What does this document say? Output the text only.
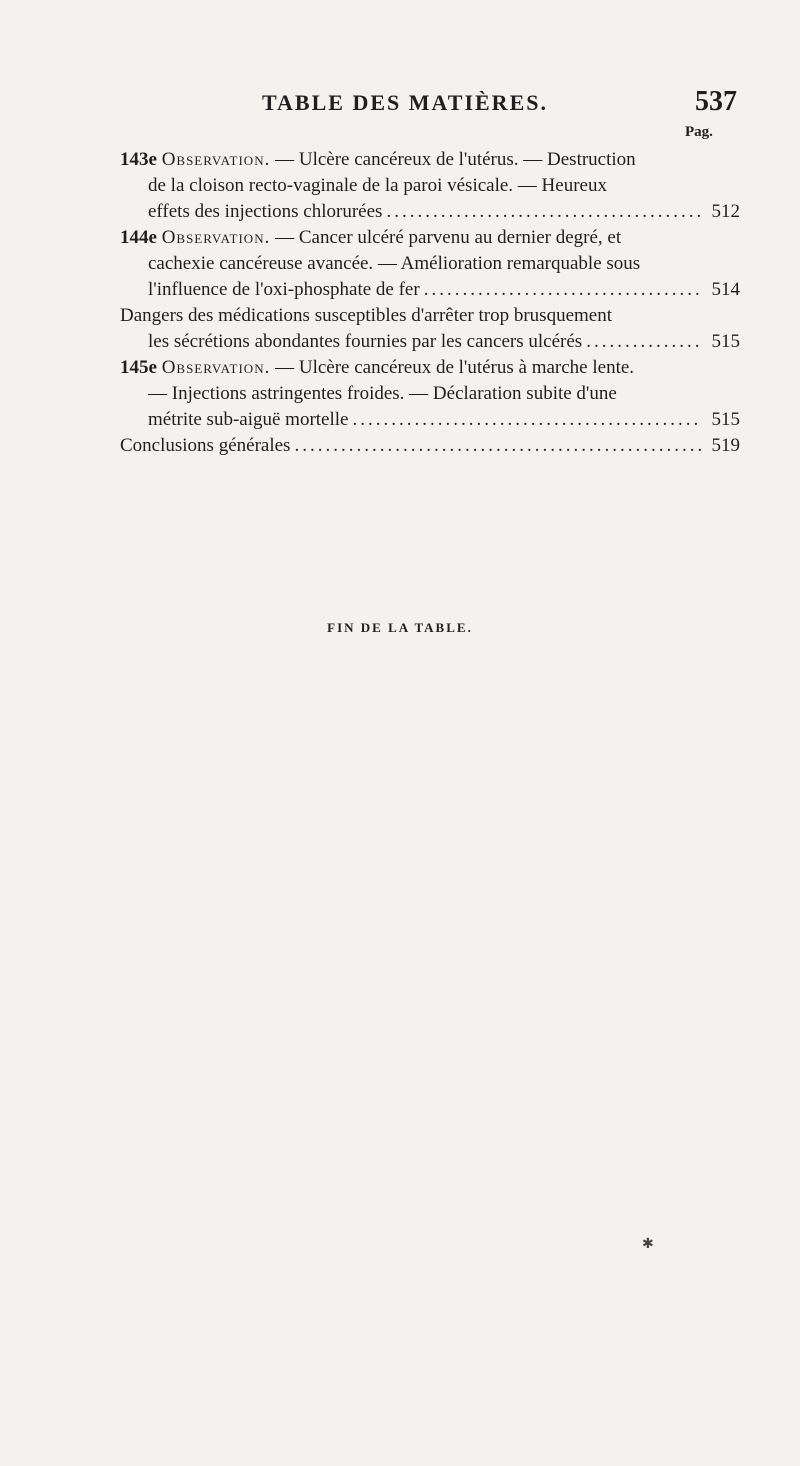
TABLE DES MATIÈRES.	537
Pag.
143e
Observation.
— Ulcère cancéreux de l'utérus. — Destruction
de la cloison recto-vaginale de la paroi vésicale. — Heureux
effets des injections chlorurées .....	512
144e
Observation.
— Cancer ulcéré parvenu au dernier degré, et
cachexie cancéreuse avancée. — Amélioration remarquable sous
l'influence de l'oxi-phosphate de fer .....	514
Dangers des médications susceptibles d'arrêter trop brusquement
les sécrétions abondantes fournies par les cancers ulcérés .....	515
145e
Observation.
— Ulcère cancéreux de l'utérus à marche lente.
— Injections astringentes froides. — Déclaration subite d'une
métrite sub-aiguë mortelle .....	515
Conclusions générales .....	519
FIN DE LA TABLE.
✱
